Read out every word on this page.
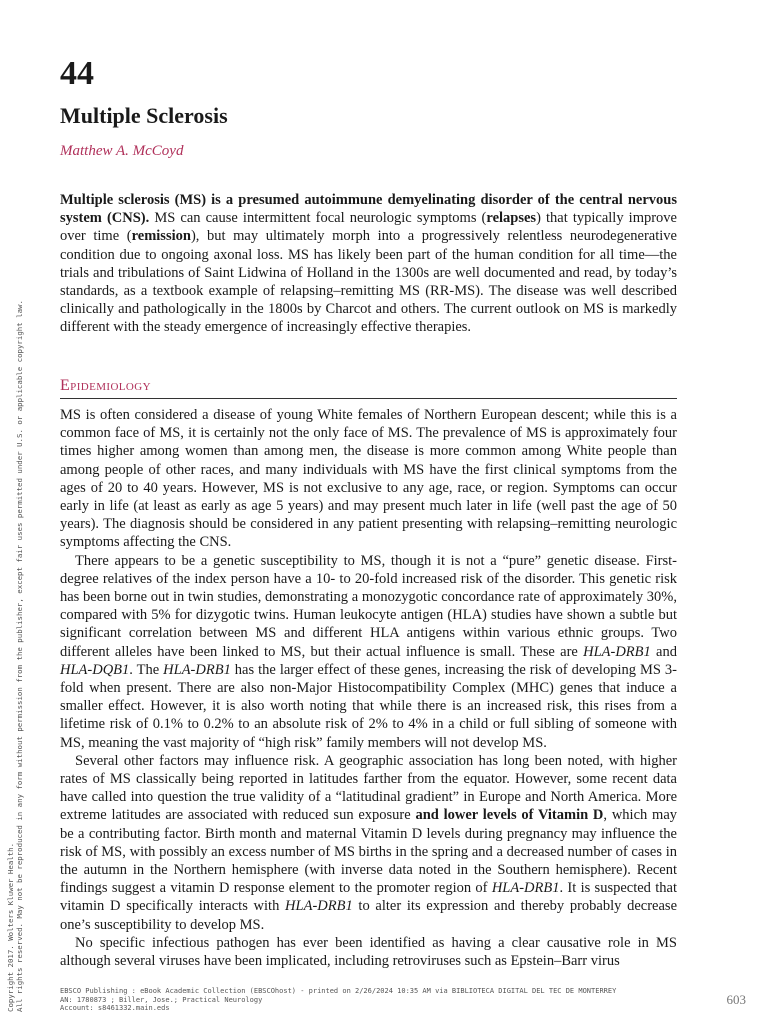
44
Multiple Sclerosis
Matthew A. McCoyd

Multiple sclerosis (MS) is a presumed autoimmune demyelinating disorder of the central nervous system (CNS). MS can cause intermittent focal neurologic symptoms (relapses) that typically improve over time (remission), but may ultimately morph into a progressively relentless neurodegenerative condition due to ongoing axonal loss. MS has likely been part of the human condition for all time—the trials and tribulations of Saint Lidwina of Holland in the 1300s are well documented and read, by today’s standards, as a textbook example of relapsing–remitting MS (RR-MS). The disease was well described clinically and pathologically in the 1800s by Charcot and others. The current outlook on MS is markedly different with the steady emergence of increasingly effective therapies.

Epidemiology

MS is often considered a disease of young White females of Northern European descent; while this is a common face of MS, it is certainly not the only face of MS. The prevalence of MS is approximately four times higher among women than among men, the disease is more common among White people than among people of other races, and many individuals with MS have the first clinical symptoms from the ages of 20 to 40 years. However, MS is not exclusive to any age, race, or region. Symptoms can occur early in life (at least as early as age 5 years) and may present much later in life (well past the age of 50 years). The diagnosis should be considered in any patient presenting with relapsing–remitting neurologic symptoms affecting the CNS.

There appears to be a genetic susceptibility to MS, though it is not a “pure” genetic disease. First-degree relatives of the index person have a 10- to 20-fold increased risk of the disorder. This genetic risk has been borne out in twin studies, demonstrating a monozygotic concordance rate of approximately 30%, compared with 5% for dizygotic twins. Human leukocyte antigen (HLA) studies have shown a subtle but significant correlation between MS and different HLA antigens within various ethnic groups. Two different alleles have been linked to MS, but their actual influence is small. These are HLA-DRB1 and HLA-DQB1. The HLA-DRB1 has the larger effect of these genes, increasing the risk of developing MS 3-fold when present. There are also non-Major Histocompatibility Complex (MHC) genes that induce a smaller effect. However, it is also worth noting that while there is an increased risk, this rises from a lifetime risk of 0.1% to 0.2% to an absolute risk of 2% to 4% in a child or full sibling of someone with MS, meaning the vast majority of “high risk” family members will not develop MS.

Several other factors may influence risk. A geographic association has long been noted, with higher rates of MS classically being reported in latitudes farther from the equator. However, some recent data have called into question the true validity of a “latitudinal gradient” in Europe and North America. More extreme latitudes are associated with reduced sun exposure and lower levels of Vitamin D, which may be a contributing factor. Birth month and maternal Vitamin D levels during pregnancy may influence the risk of MS, with possibly an excess number of MS births in the spring and a decreased number of cases in the autumn in the Northern hemisphere (with inverse data noted in the Southern hemisphere). Recent findings suggest a vitamin D response element to the promoter region of HLA-DRB1. It is suspected that vitamin D specifically interacts with HLA-DRB1 to alter its expression and thereby probably decrease one’s susceptibility to develop MS.

No specific infectious pathogen has ever been identified as having a clear causative role in MS although several viruses have been implicated, including retroviruses such as Epstein–Barr virus

Copyright 2017. Wolters Kluwer Health. All rights reserved. May not be reproduced in any form without permission from the publisher, except fair uses permitted under U.S. or applicable copyright law.	EBSCO Publishing : eBook Academic Collection (EBSCOhost) - printed on 2/26/2024 10:35 AM via BIBLIOTECA DIGITAL DEL TEC DE MONTERREY
AN: 1780873 ; Biller, Jose.; Practical Neurology
Account: s8461332.main.eds
603
